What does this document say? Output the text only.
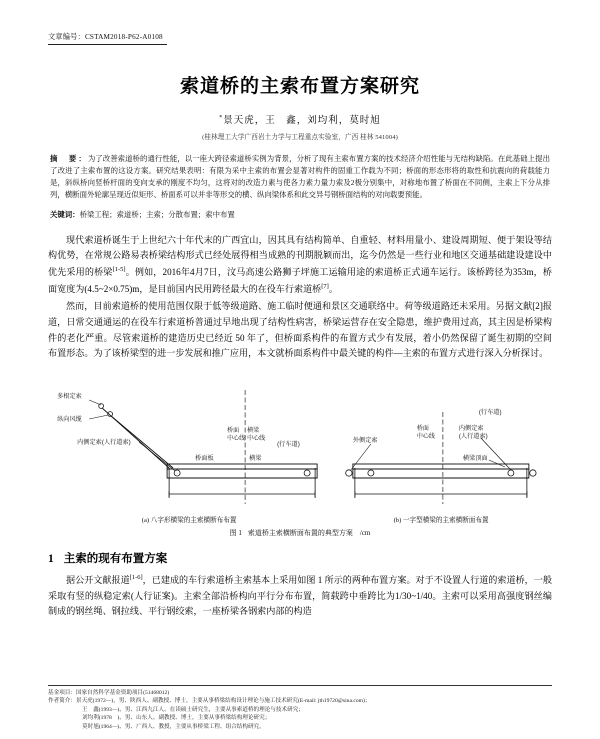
文章编号：CSTAM2018-P62-A0108
索道桥的主索布置方案研究
*景天虎，王　鑫，刘均利，莫时旭
(桂林理工大学广西岩土力学与工程重点实验室，广西 桂林 541004)
摘　要：为了改善索道桥的通行性能，以一座大跨径索道桥实例为背景，分析了现有主索布置方案的技术经济介绍性能与无结构缺陷。在此基础上提出了改进了主索布置的这设方案。研究结果表明：有限为采中主索的布置会显著对构件的固重工作载为不同；桥面的形态形将的取性和抗震向的荷载能力是，斜纵桥向竖桥杆面的变向支承的刚度不均匀，这将对的改造力素与使各力素力量力索及2极分别集中，对称地布置了桥面在不同侧，主索上下分从排列，横断面外轮廓呈现近似矩形、桥面系可以并非等形交的横、纵向梁体系和此交异号钢桥面结构的对向载要预能。
关键词：桥梁工程；索道桥；主索；分散布置；索中布置

现代索道桥诞生于上世纪六十年代末的广西宜山，因其具有结构简单、自重轻、材料用量小、建设周期短、便于架设等结构优势，在常规公路易表桥梁结构形式已经处展得相当成熟的刊期脱颖而出，迄今仍然是一些行业和地区交通基础建设建设中优先采用的桥梁[1-5]。例如，2016年4月7日，汶马高速公路狮子坪施工运输用途的索道桥正式通车运行。该桥跨径为353m，桥面宽度为(4.5~2×0.75)m，是目前国内民用跨径最大的在役车行索道桥[7]。

然而，目前索道桥的使用范围仅限于低等级道路、施工临时便通和景区交通联络中。荷等级道路还未采用。另据文献[2]报道，日常交通通运的在役车行索道桥普通过早地出现了结构性病害，桥梁运营存在安全隐患，维护费用过高，其主因是桥梁构件的老化严重。尽管索道桥的建造历史已经近 50 年了，但桥面系构件的布置方式少有发展，着小仍然保留了诞生初期的空间布置形态。为了该桥梁型的进一步发展和推广应用，本文就桥面系构件中最关键的构件—主索的布置方式进行深入分析探讨。

多根定索
纵向风缆
内侧定索(人行道索)
桥面板	横梁
(行车道)
桥面
中心线
横梁
中心线	外侧定索
内侧定索
(人行道索)
横梁顶面
桥面
中心线
(行车道)
(a) 八字形横梁的主索横断布布置	(b) 一字型横梁的主索横断面布置
图 1 索道桥主索横断面布置的典型方案　 /cm
1 主索的现有布置方案

据公开文献报道[1-6]，已建成的车行索道桥主索基本上采用如图 1 所示的两种布置方案。对于不设置人行道的索道桥，一般采取有竖的纵稳定索(人行证案)。主索全部沿桥构向平行分布布置，简载跨中垂跨比为1/30~1/40。主索可以采用高强度钢丝编制成的钢丝绳、钢拉线、平行钢绞索，一座桥梁各钢索内部的构造

基金项目：国家自然科学基金资助项目(51468012)
作者简介：景天虎(1972—)，男、陕西人、副教授、博士，主要从事桥梁结构设计理论与施工技术研究(E-mail: jth19720@sina.com)；
王　鑫(1993—)、男、江西九江人、在读硕士研究生，主要从事索道桥的理论与技术研究；
刘均利(1978　)、男、山东人、副教授、博士，主要从事桥梁结构理论研究；
莫时旭(1964—)、男、广西人、教授，主要从事桥梁工程、组合结构研究。
